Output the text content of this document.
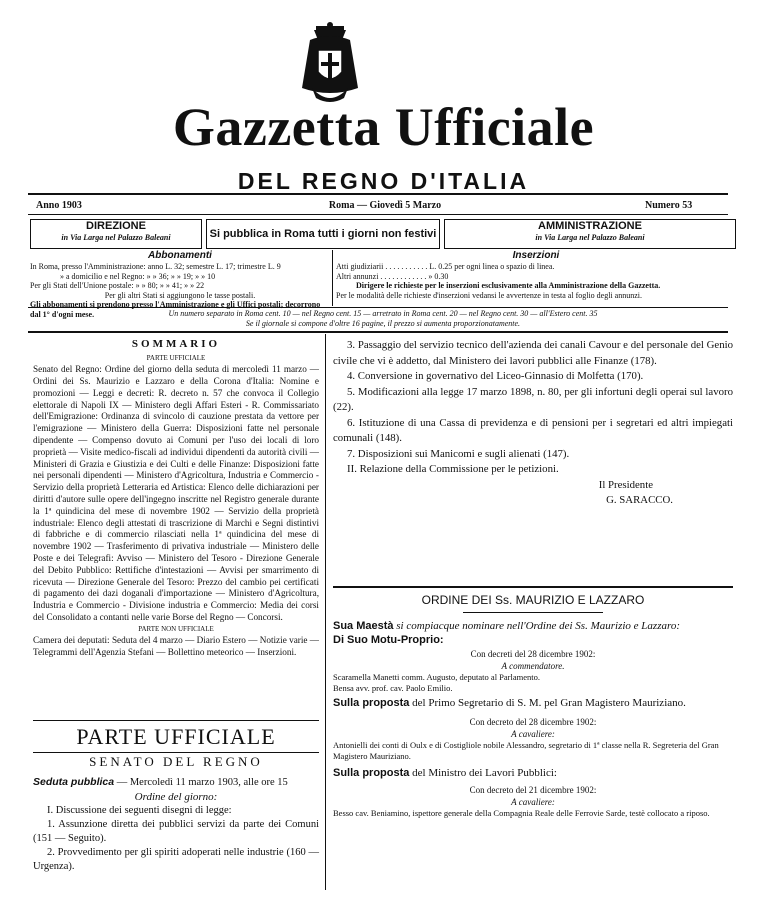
Gazzetta Ufficiale
DEL REGNO D'ITALIA
Anno 1903	Roma — Giovedì 5 Marzo	Numero 53
DIREZIONE
in Via Larga nel Palazzo Baleani	Si pubblica in Roma tutti i giorni non festivi
AMMINISTRAZIONE
in Via Larga nel Palazzo Baleani
Abbonamenti
In Roma, presso l'Amministrazione: anno L. 32; semestre L. 17; trimestre L. 9
» a domicilio e nel Regno: » » 36; » » 19; » » 10
Per gli Stati dell'Unione postale: » » 80; » » 41; » » 22
Per gli altri Stati si aggiungono le tasse postali.
Gli abbonamenti si prendono presso l'Amministrazione e gli Uffici postali; decorrono dal 1° d'ogni mese.
Inserzioni
Atti giudiziarii . . . . . . . . . . . L. 0.25 per ogni linea o spazio di linea.
Altri annunzi . . . . . . . . . . . . » 0.30
Dirigere le richieste per le inserzioni esclusivamente alla Amministrazione della Gazzetta.
Per le modalità delle richieste d'inserzioni vedansi le avvertenze in testa al foglio degli annunzi.
Un numero separato in Roma cent. 10 — nel Regno cent. 15 — arretrato in Roma cent. 20 — nel Regno cent. 30 — all'Estero cent. 35
Se il giornale si compone d'oltre 16 pagine, il prezzo si aumenta proporzionatamente.
SOMMARIO
PARTE UFFICIALE

Senato del Regno: Ordine del giorno della seduta di mercoledì 11 marzo — Ordini dei Ss. Maurizio e Lazzaro e della Corona d'Italia: Nomine e promozioni — Leggi e decreti: R. decreto n. 57 che convoca il Collegio elettorale di Napoli IX — Ministero degli Affari Esteri - R. Commissariato dell'Emigrazione: Ordinanza di svincolo di cauzione prestata da vettore per l'emigrazione — Ministero della Guerra: Disposizioni fatte nel personale dipendente — Compenso dovuto ai Comuni per l'uso dei locali di loro proprietà — Visite medico-fiscali ad individui dipendenti da autorità civili — Ministeri di Grazia e Giustizia e dei Culti e delle Finanze: Disposizioni fatte nei personali dipendenti — Ministero d'Agricoltura, Industria e Commercio - Servizio della proprietà Letteraria ed Artistica: Elenco delle dichiarazioni per diritti d'autore sulle opere dell'ingegno inscritte nel Registro generale durante la 1ª quindicina del mese di novembre 1902 — Servizio della proprietà industriale: Elenco degli attestati di trascrizione di Marchi e Segni distintivi di fabbriche e di commercio rilasciati nella 1ª quindicina del mese di novembre 1902 — Trasferimento di privativa industriale — Ministero delle Poste e dei Telegrafi: Avviso — Ministero del Tesoro - Direzione Generale del Debito Pubblico: Rettifiche d'intestazioni — Avvisi per smarrimento di ricevuta — Direzione Generale del Tesoro: Prezzo del cambio pei certificati di pagamento dei dazi doganali d'importazione — Ministero d'Agricoltura, Industria e Commercio - Divisione industria e Commercio: Media dei corsi del Consolidato a contanti nelle varie Borse del Regno — Concorsi.

PARTE NON UFFICIALE

Camera dei deputati: Seduta del 4 marzo — Diario Estero — Notizie varie — Telegrammi dell'Agenzia Stefani — Bollettino meteorico — Inserzioni.

PARTE UFFICIALE
SENATO DEL REGNO

Seduta pubblica — Mercoledì 11 marzo 1903, alle ore 15

Ordine del giorno:

I. Discussione dei seguenti disegni di legge:

1. Assunzione diretta dei pubblici servizi da parte dei Comuni (151 — Seguito).

2. Provvedimento per gli spiriti adoperati nelle industrie (160 — Urgenza).

3. Passaggio del servizio tecnico dell'azienda dei canali Cavour e del personale del Genio civile che vi è addetto, dal Ministero dei lavori pubblici alle Finanze (178).

4. Conversione in governativo del Liceo-Ginnasio di Molfetta (170).

5. Modificazioni alla legge 17 marzo 1898, n. 80, per gli infortuni degli operai sul lavoro (22).

6. Istituzione di una Cassa di previdenza e di pensioni per i segretari ed altri impiegati comunali (148).

7. Disposizioni sui Manicomi e sugli alienati (147).

II. Relazione della Commissione per le petizioni.

Il Presidente
G. SARACCO.
ORDINE DEI Ss. MAURIZIO E LAZZARO

Sua Maestà si compiacque nominare nell'Ordine dei Ss. Maurizio e Lazzaro:

Di Suo Motu-Proprio:
Con decreti del 28 dicembre 1902:
A commendatore.
Scaramella Manetti comm. Augusto, deputato al Parlamento.
Bensa avv. prof. cav. Paolo Emilio.

Sulla proposta del Primo Segretario di S. M. pel Gran Magistero Mauriziano.

Con decreto del 28 dicembre 1902:
A cavaliere:
Antonielli dei conti di Oulx e di Costigliole nobile Alessandro, segretario di 1ª classe nella R. Segreteria del Gran Magistero Mauriziano.

Sulla proposta del Ministro dei Lavori Pubblici:

Con decreto del 21 dicembre 1902:
A cavaliere:
Besso cav. Beniamino, ispettore generale della Compagnia Reale delle Ferrovie Sarde, testè collocato a riposo.
